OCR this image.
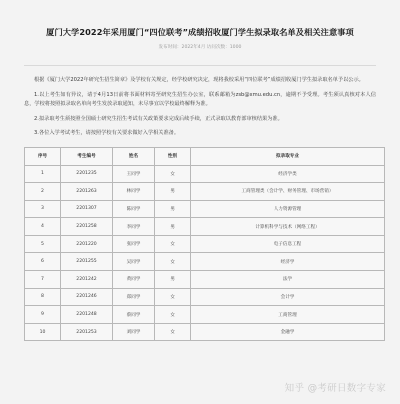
厦门大学2022年采用厦门“四位联考”成绩招收厦门学生拟录取名单及相关注意事项
发布时间：2022年4月 访问次数：1000

根据《厦门大学2022年研究生招生简章》及学校有关规定，经学校研究决定，现将我校采用“四位联考”成绩招收厦门学生拟录取名单予以公示。

1.以上考生如有异议，请于4月13日前将书面材料寄至研究生招生办公室，联系邮箱为zsb@xmu.edu.cn，逾期不予受理。考生须认真核对本人信息，学校将按照拟录取名单向考生发放录取通知，未尽事宜以学校最终解释为准。

2.拟录取考生须按照全国硕士研究生招生考试有关政策要求完成后续手续，正式录取以教育部审核结果为准。

3.各位入学考试考生，请按照学校有关要求做好入学相关准备。

序号	考生编号	姓名	性别	拟录取专业
1	2201235	王同学	女	经济学类
2	2201263	林同学	男	工商管理类（会计学、财务管理、市场营销）
3	2201307	陈同学	男	人力资源管理
4	2201258	李同学	男	计算机科学与技术（网络工程）
5	2201220	张同学	女	电子信息工程
6	2201255	吴同学	女	经济学
7	2201242	黄同学	男	法学
8	2201246	郑同学	女	会计学
9	2201248	蔡同学	女	工商管理
10	2201253	刘同学	女	金融学
知乎 @考研日数字专家
